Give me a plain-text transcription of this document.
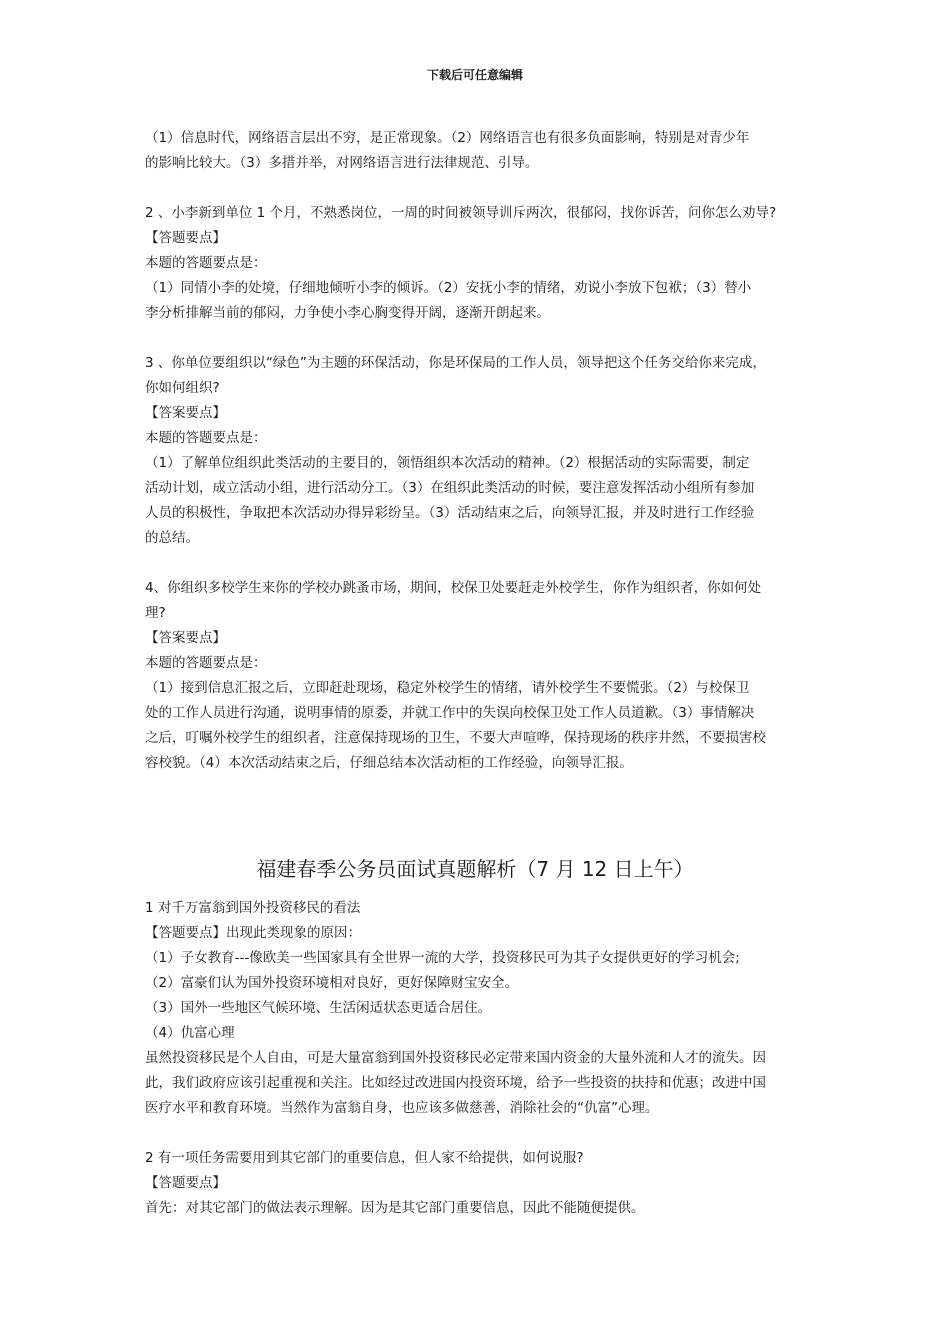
下载后可任意编辑

（1）信息时代，网络语言层出不穷，是正常现象。（2）网络语言也有很多负面影响，特别是对青少年

的影响比较大。（3）多措并举，对网络语言进行法律规范、引导。

2 、小李新到单位 1 个月，不熟悉岗位，一周的时间被领导训斥两次，很郁闷，找你诉苦，问你怎么劝导?

【答题要点】

本题的答题要点是：

（1）同情小李的处境，仔细地倾听小李的倾诉。（2）安抚小李的情绪，劝说小李放下包袱；（3）替小

李分析排解当前的郁闷，力争使小李心胸变得开阔，逐渐开朗起来。

3 、你单位要组织以“绿色”为主题的环保活动，你是环保局的工作人员，领导把这个任务交给你来完成，

你如何组织?

【答案要点】

本题的答题要点是：

（1）了解单位组织此类活动的主要目的，领悟组织本次活动的精神。（2）根据活动的实际需要，制定

活动计划，成立活动小组，进行活动分工。（3）在组织此类活动的时候，要注意发挥活动小组所有参加

人员的积极性，争取把本次活动办得异彩纷呈。（3）活动结束之后，向领导汇报，并及时进行工作经验

的总结。

4、你组织多校学生来你的学校办跳蚤市场，期间，校保卫处要赶走外校学生，你作为组织者，你如何处

理?

【答案要点】

本题的答题要点是：

（1）接到信息汇报之后，立即赶赴现场，稳定外校学生的情绪，请外校学生不要慌张。（2）与校保卫

处的工作人员进行沟通，说明事情的原委，并就工作中的失误向校保卫处工作人员道歉。（3）事情解决

之后，叮嘱外校学生的组织者，注意保持现场的卫生，不要大声喧哗，保持现场的秩序井然，不要损害校

容校貌。（4）本次活动结束之后，仔细总结本次活动柜的工作经验，向领导汇报。

福建春季公务员面试真题解析（7 月 12 日上午）

1 对千万富翁到国外投资移民的看法

【答题要点】出现此类现象的原因：

（1）子女教育---像欧美一些国家具有全世界一流的大学，投资移民可为其子女提供更好的学习机会;

（2）富豪们认为国外投资环境相对良好，更好保障财宝安全。

（3）国外一些地区气候环境、生活闲适状态更适合居住。

（4）仇富心理

虽然投资移民是个人自由，可是大量富翁到国外投资移民必定带来国内资金的大量外流和人才的流失。因

此，我们政府应该引起重视和关注。比如经过改进国内投资环境，给予一些投资的扶持和优惠；改进中国

医疗水平和教育环境。当然作为富翁自身，也应该多做慈善，消除社会的“仇富”心理。

2 有一项任务需要用到其它部门的重要信息，但人家不给提供，如何说服?

【答题要点】

首先：对其它部门的做法表示理解。因为是其它部门重要信息，因此不能随便提供。
